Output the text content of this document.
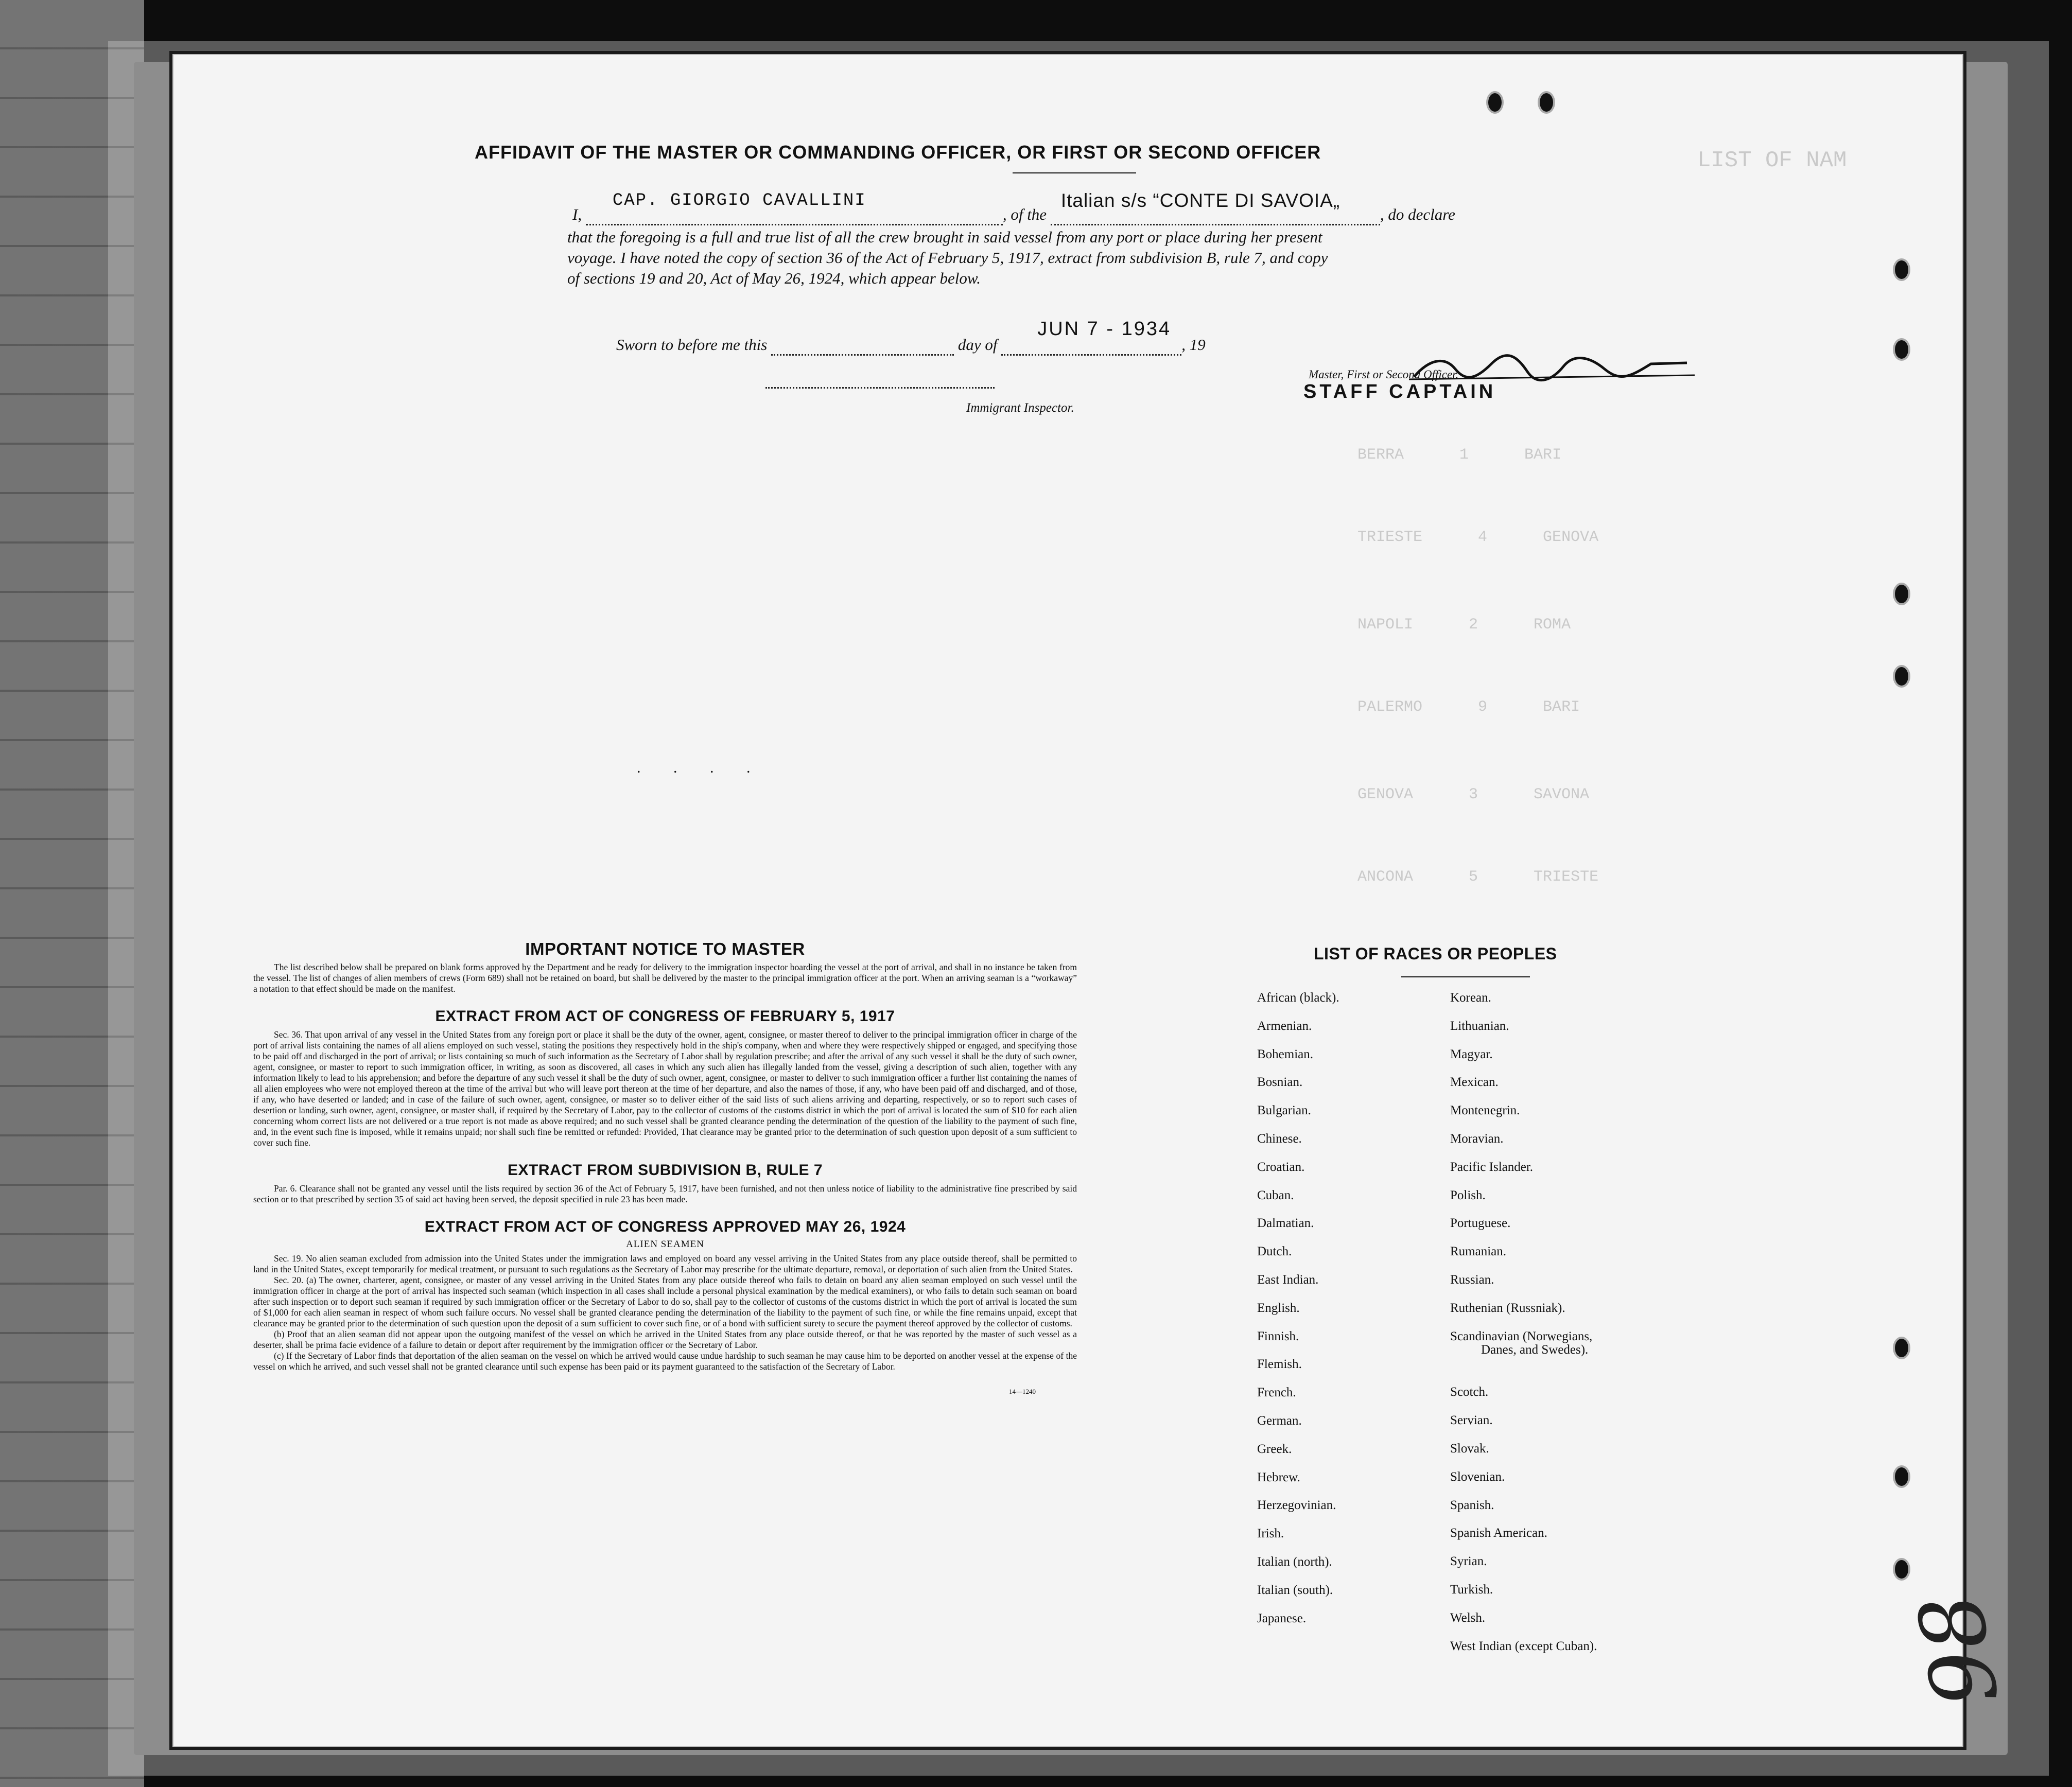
LIST OF NAM
BERRA      1      BARI
TRIESTE      4      GENOVA
NAPOLI      2      ROMA
PALERMO      9      BARI
GENOVA      3      SAVONA
ANCONA      5      TRIESTE
AFFIDAVIT OF THE MASTER OR COMMANDING OFFICER, OR FIRST OR SECOND OFFICER
I,
CAP. GIORGIO CAVALLINI
, of the
Italian s/s “CONTE DI SAVOIA„
, do declare
that the foregoing is a full and true list of all the crew brought in said vessel from any port or place during her present
voyage. I have noted the copy of section 36 of the Act of February 5, 1917, extract from subdivision B, rule 7, and copy
of sections 19 and 20, Act of May 26, 1924, which appear below.
Master, First or Second Officer.
Sworn to before me this	day of
JUN 7 - 1934
, 19
STAFF CAPTAIN
Immigrant Inspector.
. . . .
IMPORTANT NOTICE TO MASTER
The list described below shall be prepared on blank forms approved by the Department and be ready for delivery to the immigration inspector boarding the vessel at the port of arrival, and shall in no instance be taken from the vessel. The list of changes of alien members of crews (Form 689) shall not be retained on board, but shall be delivered by the master to the principal immigration officer at the port. When an arriving seaman is a “workaway” a notation to that effect should be made on the manifest.
EXTRACT FROM ACT OF CONGRESS OF FEBRUARY 5, 1917
Sec. 36. That upon arrival of any vessel in the United States from any foreign port or place it shall be the duty of the owner, agent, consignee, or master thereof to deliver to the principal immigration officer in charge of the port of arrival lists containing the names of all aliens employed on such vessel, stating the positions they respectively hold in the ship's company, when and where they were respectively shipped or engaged, and specifying those to be paid off and discharged in the port of arrival; or lists containing so much of such information as the Secretary of Labor shall by regulation prescribe; and after the arrival of any such vessel it shall be the duty of such owner, agent, consignee, or master to report to such immigration officer, in writing, as soon as discovered, all cases in which any such alien has illegally landed from the vessel, giving a description of such alien, together with any information likely to lead to his apprehension; and before the departure of any such vessel it shall be the duty of such owner, agent, consignee, or master to deliver to such immigration officer a further list containing the names of all alien employees who were not employed thereon at the time of the arrival but who will leave port thereon at the time of her departure, and also the names of those, if any, who have been paid off and discharged, and of those, if any, who have deserted or landed; and in case of the failure of such owner, agent, consignee, or master so to deliver either of the said lists of such aliens arriving and departing, respectively, or so to report such cases of desertion or landing, such owner, agent, consignee, or master shall, if required by the Secretary of Labor, pay to the collector of customs of the customs district in which the port of arrival is located the sum of $10 for each alien concerning whom correct lists are not delivered or a true report is not made as above required; and no such vessel shall be granted clearance pending the determination of the question of the liability to the payment of such fine, and, in the event such fine is imposed, while it remains unpaid; nor shall such fine be remitted or refunded: Provided, That clearance may be granted prior to the determination of such question upon deposit of a sum sufficient to cover such fine.
EXTRACT FROM SUBDIVISION B, RULE 7
Par. 6. Clearance shall not be granted any vessel until the lists required by section 36 of the Act of February 5, 1917, have been furnished, and not then unless notice of liability to the administrative fine prescribed by said section or to that prescribed by section 35 of said act having been served, the deposit specified in rule 23 has been made.
EXTRACT FROM ACT OF CONGRESS APPROVED MAY 26, 1924
ALIEN SEAMEN
Sec. 19. No alien seaman excluded from admission into the United States under the immigration laws and employed on board any vessel arriving in the United States from any place outside thereof, shall be permitted to land in the United States, except temporarily for medical treatment, or pursuant to such regulations as the Secretary of Labor may prescribe for the ultimate departure, removal, or deportation of such alien from the United States.
Sec. 20. (a) The owner, charterer, agent, consignee, or master of any vessel arriving in the United States from any place outside thereof who fails to detain on board any alien seaman employed on such vessel until the immigration officer in charge at the port of arrival has inspected such seaman (which inspection in all cases shall include a personal physical examination by the medical examiners), or who fails to detain such seaman on board after such inspection or to deport such seaman if required by such immigration officer or the Secretary of Labor to do so, shall pay to the collector of customs of the customs district in which the port of arrival is located the sum of $1,000 for each alien seaman in respect of whom such failure occurs. No vessel shall be granted clearance pending the determination of the liability to the payment of such fine, or while the fine remains unpaid, except that clearance may be granted prior to the determination of such question upon the deposit of a sum sufficient to cover such fine, or of a bond with sufficient surety to secure the payment thereof approved by the collector of customs.
(b) Proof that an alien seaman did not appear upon the outgoing manifest of the vessel on which he arrived in the United States from any place outside thereof, or that he was reported by the master of such vessel as a deserter, shall be prima facie evidence of a failure to detain or deport after requirement by the immigration officer or the Secretary of Labor.
(c) If the Secretary of Labor finds that deportation of the alien seaman on the vessel on which he arrived would cause undue hardship to such seaman he may cause him to be deported on another vessel at the expense of the vessel on which he arrived, and such vessel shall not be granted clearance until such expense has been paid or its payment guaranteed to the satisfaction of the Secretary of Labor.
14—1240
LIST OF RACES OR PEOPLES
African (black).
Armenian.
Bohemian.
Bosnian.
Bulgarian.
Chinese.
Croatian.
Cuban.
Dalmatian.
Dutch.
East Indian.
English.
Finnish.
Flemish.
French.
German.
Greek.
Hebrew.
Herzegovinian.
Irish.
Italian (north).
Italian (south).
Japanese.
Korean.
Lithuanian.
Magyar.
Mexican.
Montenegrin.
Moravian.
Pacific Islander.
Polish.
Portuguese.
Rumanian.
Russian.
Ruthenian (Russniak).
Scandinavian (Norwegians,
Danes, and Swedes).
Scotch.
Servian.
Slovak.
Slovenian.
Spanish.
Spanish American.
Syrian.
Turkish.
Welsh.
West Indian (except Cuban).	98
